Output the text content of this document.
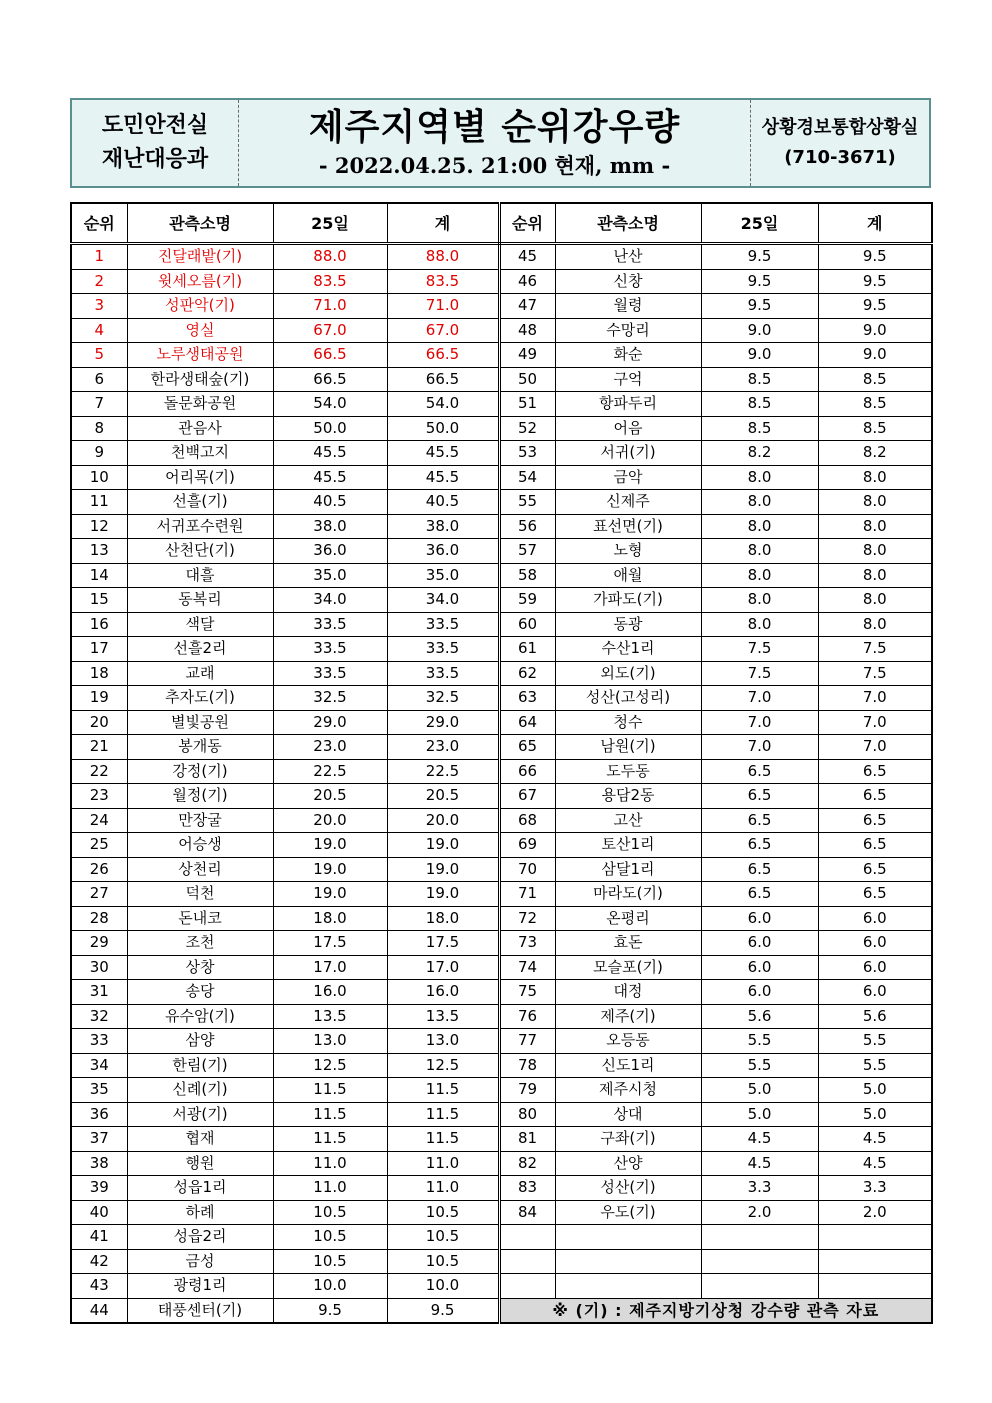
도민안전실
재난대응과
제주지역별 순위강우량
- 2022.04.25. 21:00 현재, mm -
상황경보통합상황실
(710-3671)
순위	관측소명	25일	계	순위	관측소명	25일	계
1	진달래밭(기)	88.0	88.0	45	난산	9.5	9.5
2	윗세오름(기)	83.5	83.5	46	신창	9.5	9.5
3	성판악(기)	71.0	71.0	47	월령	9.5	9.5
4	영실	67.0	67.0	48	수망리	9.0	9.0
5	노루생태공원	66.5	66.5	49	화순	9.0	9.0
6	한라생태숲(기)	66.5	66.5	50	구억	8.5	8.5
7	돌문화공원	54.0	54.0	51	항파두리	8.5	8.5
8	관음사	50.0	50.0	52	어음	8.5	8.5
9	천백고지	45.5	45.5	53	서귀(기)	8.2	8.2
10	어리목(기)	45.5	45.5	54	금악	8.0	8.0
11	선흘(기)	40.5	40.5	55	신제주	8.0	8.0
12	서귀포수련원	38.0	38.0	56	표선면(기)	8.0	8.0
13	산천단(기)	36.0	36.0	57	노형	8.0	8.0
14	대흘	35.0	35.0	58	애월	8.0	8.0
15	동복리	34.0	34.0	59	가파도(기)	8.0	8.0
16	색달	33.5	33.5	60	동광	8.0	8.0
17	선흘2리	33.5	33.5	61	수산1리	7.5	7.5
18	교래	33.5	33.5	62	외도(기)	7.5	7.5
19	추자도(기)	32.5	32.5	63	성산(고성리)	7.0	7.0
20	별빛공원	29.0	29.0	64	청수	7.0	7.0
21	봉개동	23.0	23.0	65	남원(기)	7.0	7.0
22	강정(기)	22.5	22.5	66	도두동	6.5	6.5
23	월정(기)	20.5	20.5	67	용담2동	6.5	6.5
24	만장굴	20.0	20.0	68	고산	6.5	6.5
25	어승생	19.0	19.0	69	토산1리	6.5	6.5
26	상천리	19.0	19.0	70	삼달1리	6.5	6.5
27	덕천	19.0	19.0	71	마라도(기)	6.5	6.5
28	돈내코	18.0	18.0	72	온평리	6.0	6.0
29	조천	17.5	17.5	73	효돈	6.0	6.0
30	상창	17.0	17.0	74	모슬포(기)	6.0	6.0
31	송당	16.0	16.0	75	대정	6.0	6.0
32	유수암(기)	13.5	13.5	76	제주(기)	5.6	5.6
33	삼양	13.0	13.0	77	오등동	5.5	5.5
34	한림(기)	12.5	12.5	78	신도1리	5.5	5.5
35	신례(기)	11.5	11.5	79	제주시청	5.0	5.0
36	서광(기)	11.5	11.5	80	상대	5.0	5.0
37	협재	11.5	11.5	81	구좌(기)	4.5	4.5
38	행원	11.0	11.0	82	산양	4.5	4.5
39	성읍1리	11.0	11.0	83	성산(기)	3.3	3.3
40	하례	10.5	10.5	84	우도(기)	2.0	2.0
41	성읍2리	10.5	10.5				
42	금성	10.5	10.5				
43	광령1리	10.0	10.0				
44	태풍센터(기)	9.5	9.5	※ (기) : 제주지방기상청 강수량 관측 자료			
